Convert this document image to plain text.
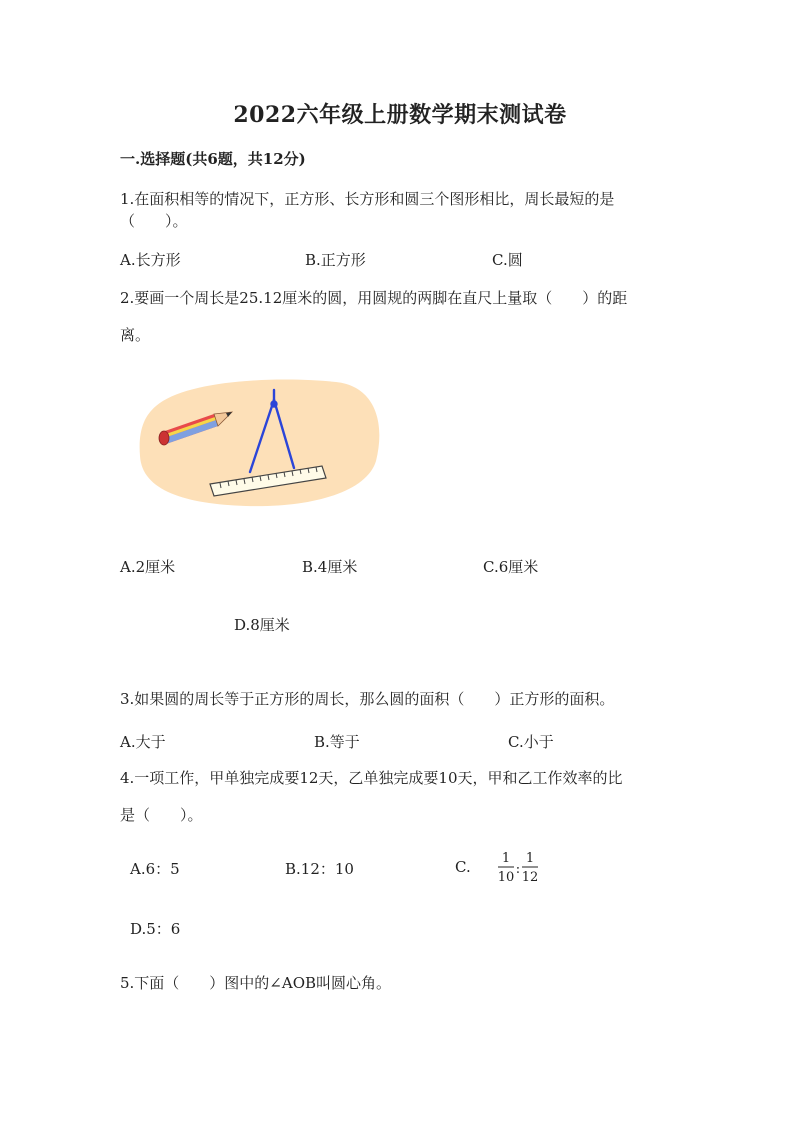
2022六年级上册数学期末测试卷
一.选择题(共6题，共12分)
1.在面积相等的情况下，正方形、长方形和圆三个图形相比，周长最短的是
（　　）。
A.长方形	B.正方形	C.圆
2.要画一个周长是25.12厘米的圆，用圆规的两脚在直尺上量取（　　）的距
离。
A.2厘米	B.4厘米	C.6厘米
D.8厘米
3.如果圆的周长等于正方形的周长，那么圆的面积（　　）正方形的面积。
A.大于	B.等于	C.小于
4.一项工作，甲单独完成要12天，乙单独完成要10天，甲和乙工作效率的比
是（　　）。
A.6：5	B.12：10	C. 1
10
:
1
12
D.5：6
5.下面（　　）图中的∠AOB叫圆心角。
